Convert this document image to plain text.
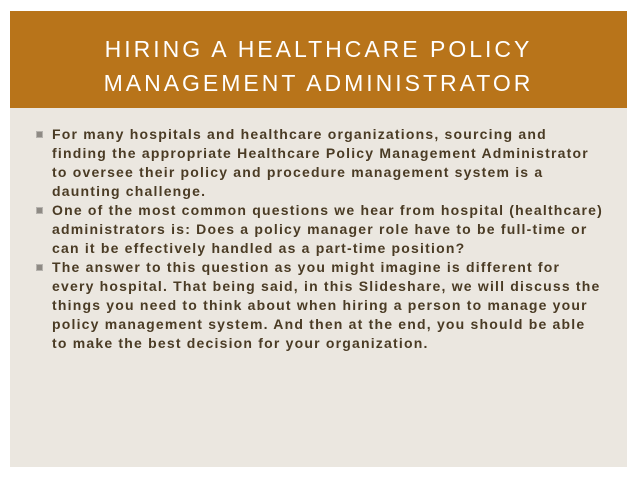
HIRING A HEALTHCARE POLICY
MANAGEMENT ADMINISTRATOR
For many hospitals and healthcare organizations, sourcing and finding the appropriate Healthcare Policy Management Administrator to oversee their policy and procedure management system is a daunting challenge.
One of the most common questions we hear from hospital (healthcare) administrators is: Does a policy manager role have to be full-time or can it be effectively handled as a part-time position?
The answer to this question as you might imagine is different for every hospital. That being said, in this Slideshare, we will discuss the things you need to think about when hiring a person to manage your policy management system. And then at the end, you should be able to make the best decision for your organization.
